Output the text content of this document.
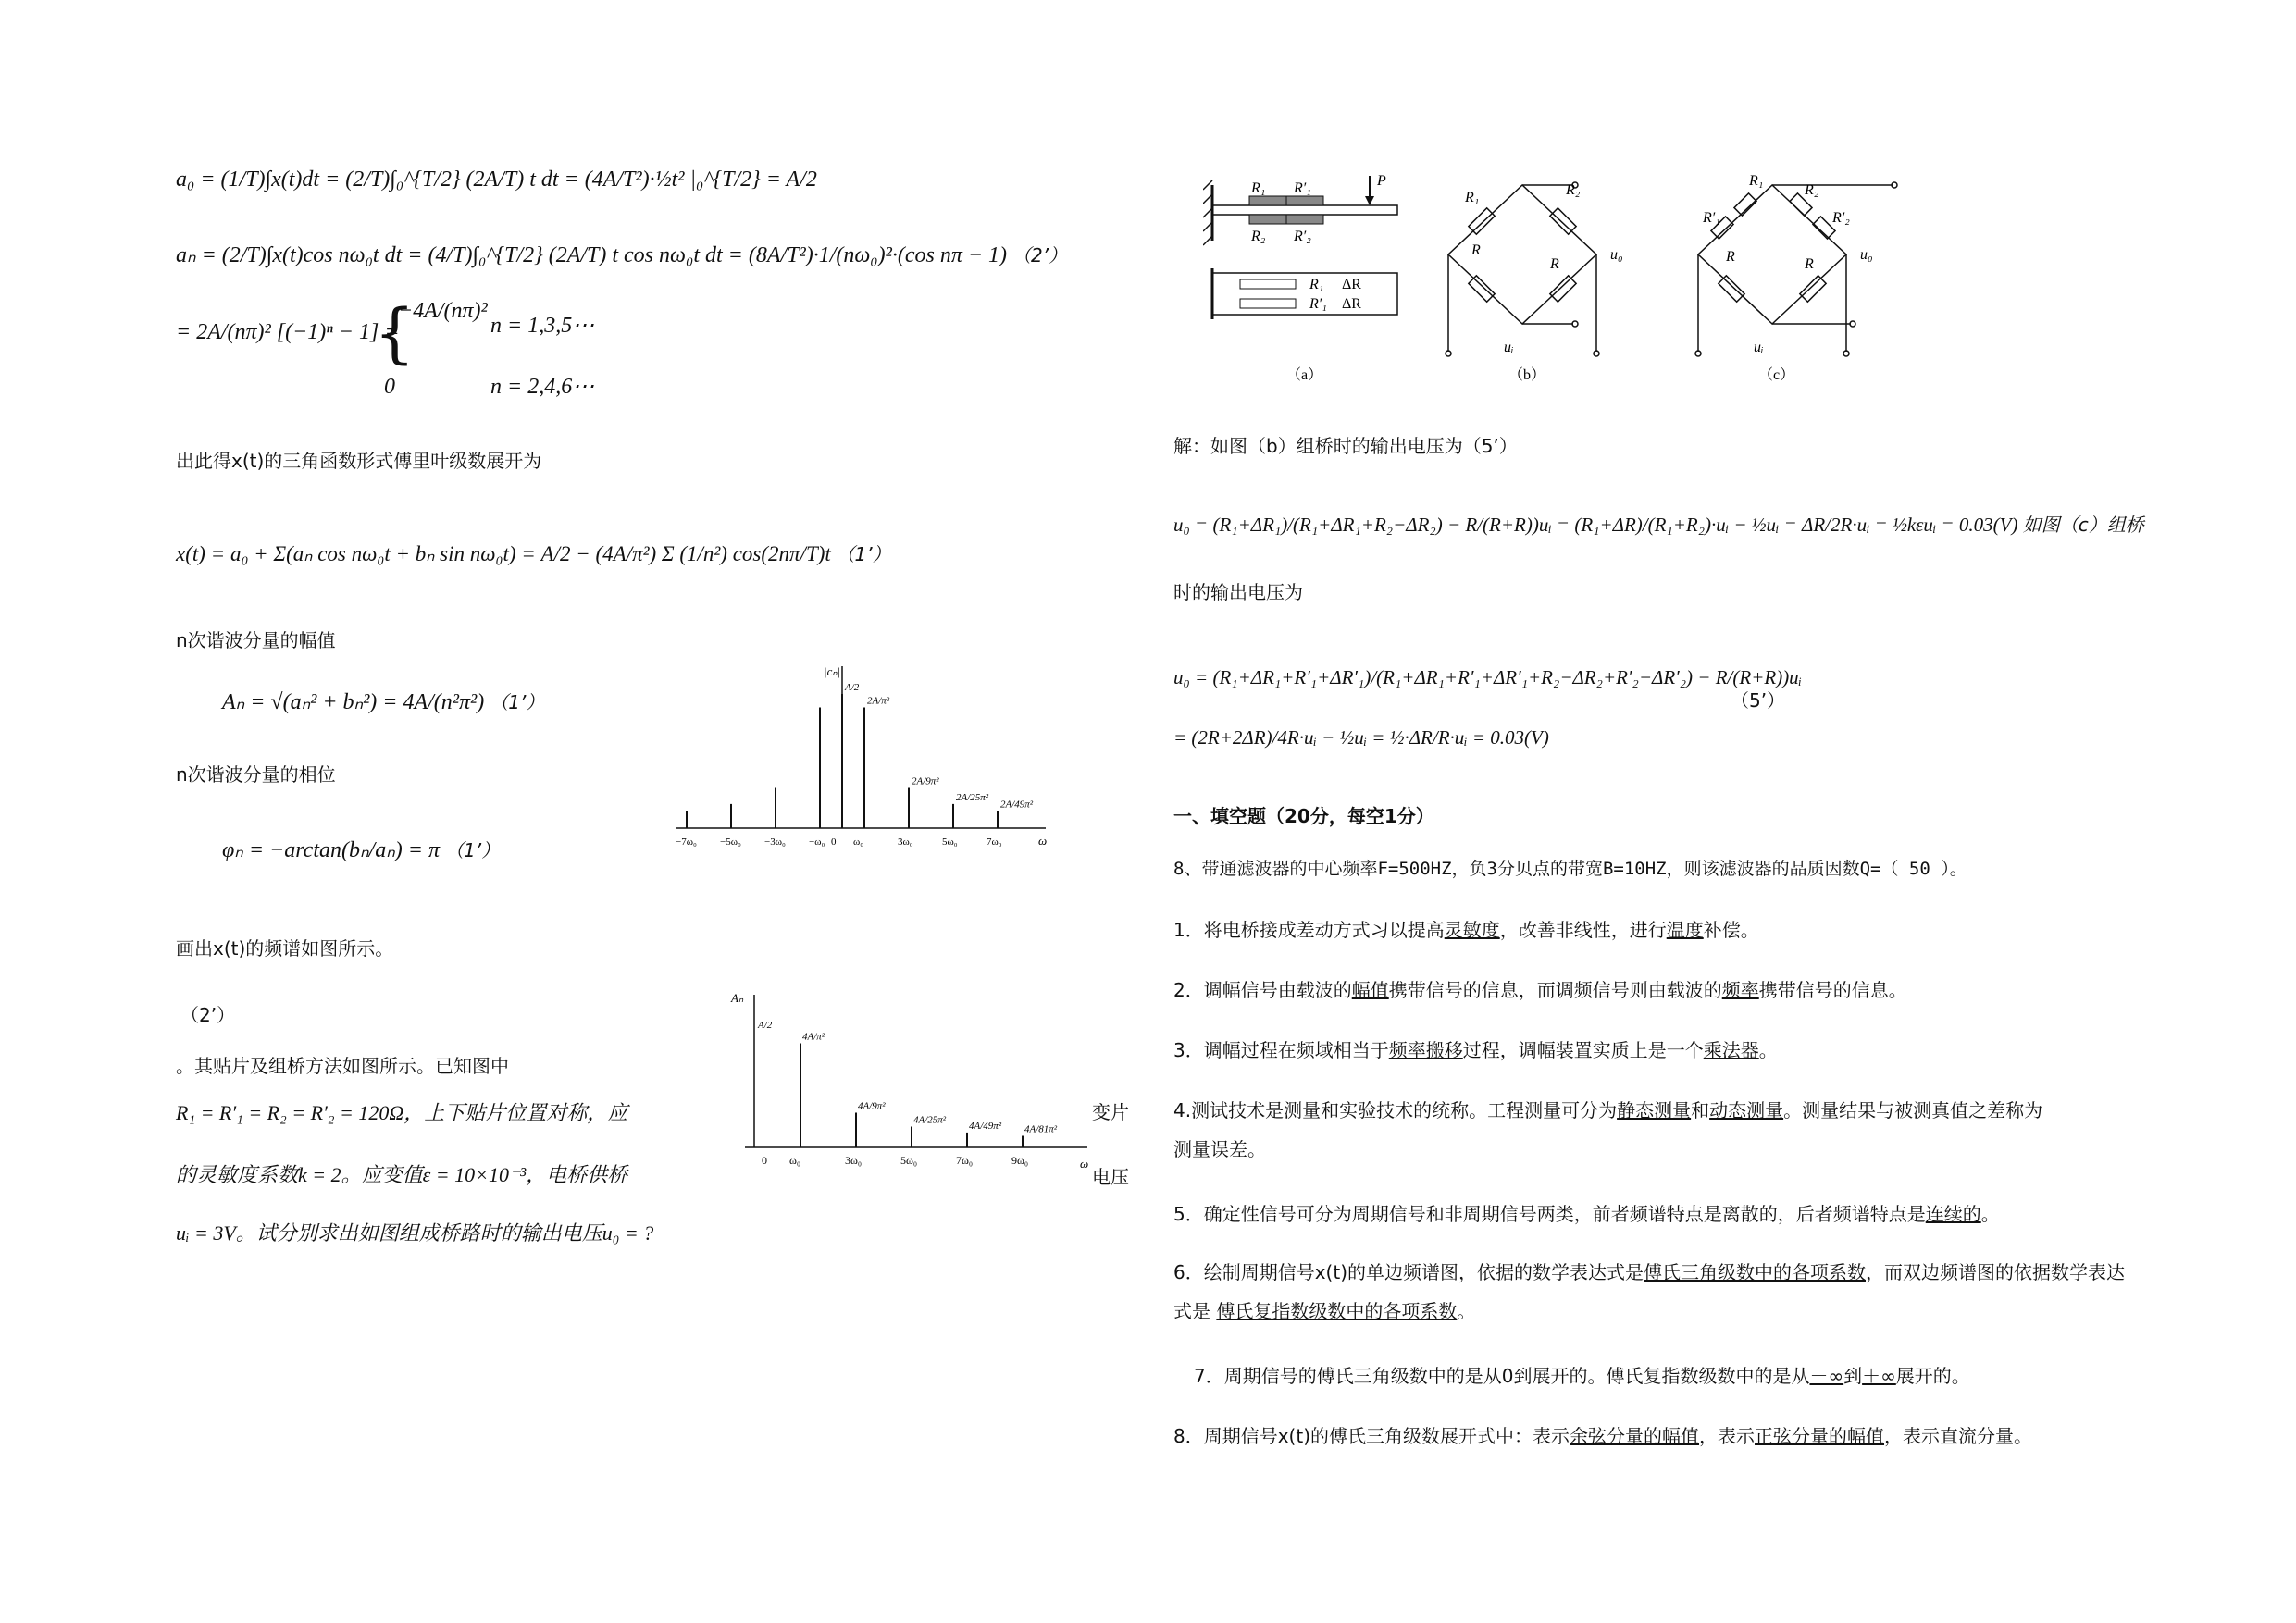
a₀ = (1/T)∫x(t)dt = (2/T)∫₀^{T/2} (2A/T) t dt = (4A/T²)·½t² |₀^{T/2} = A/2
aₙ = (2/T)∫x(t)cos nω₀t dt = (4/T)∫₀^{T/2} (2A/T) t cos nω₀t dt = (8A/T²)·1/(nω₀)²·(cos nπ − 1) （2’）
= 2A/(nπ)² [(−1)ⁿ − 1] =
{
−4A/(nπ)²
n = 1,3,5⋯
0	n = 2,4,6⋯
出此得x(t)的三角函数形式傅里叶级数展开为
x(t) = a₀ + Σ(aₙ cos nω₀t + bₙ sin nω₀t) = A/2 − (4A/π²) Σ (1/n²) cos(2nπ/T)t （1’）
n次谐波分量的幅值
Aₙ = √(aₙ² + bₙ²) = 4A/(n²π²) （1’）
n次谐波分量的相位
φₙ = −arctan(bₙ/aₙ) = π （1’）
画出x(t)的频谱如图所示。
（2’）
。其贴片及组桥方法如图所示。已知图中
R₁ = R′₁ = R₂ = R′₂ = 120Ω，上下贴片位置对称，应
的灵敏度系数k = 2。应变值ε = 10×10⁻³，电桥供桥
uᵢ = 3V。试分别求出如图组成桥路时的输出电压u₀ = ?
变片
电压
|cₙ|
ω
−7ω₀ −5ω₀ −3ω₀ −ω₀ 0 ω₀	3ω₀	5ω₀	7ω₀
A/2
2A/π²
2A/9π²
2A/25π²
2A/49π²
Aₙ
ω
0
A/2
ω₀
4A/π²
3ω₀
4A/9π²
5ω₀
4A/25π²
7ω₀
4A/49π²
9ω₀
4A/81π²
P
R₁ R′₁
R₂ R′₂
R₁ ΔR
R′₁ ΔR
（a）
R₁	R₂
R
R
u₀
uᵢ
（b）
R₁
R′₁
R₂
R′₂
R	R
u₀
uᵢ
（c）
解：如图（b）组桥时的输出电压为（5’）
u₀ = (R₁+ΔR₁)/(R₁+ΔR₁+R₂−ΔR₂) − R/(R+R))uᵢ = (R₁+ΔR)/(R₁+R₂)·uᵢ − ½uᵢ = ΔR/2R·uᵢ = ½kεuᵢ = 0.03(V) 如图（c）组桥
时的输出电压为
u₀ = (R₁+ΔR₁+R′₁+ΔR′₁)/(R₁+ΔR₁+R′₁+ΔR′₁+R₂−ΔR₂+R′₂−ΔR′₂) − R/(R+R))uᵢ
（5’）
= (2R+2ΔR)/4R·uᵢ − ½uᵢ = ½·ΔR/R·uᵢ = 0.03(V)
一、填空题（20分，每空1分）
8、带通滤波器的中心频率F=500HZ，负3分贝点的带宽B=10HZ，则该滤波器的品质因数Q=（ 50 ）。
1．将电桥接成差动方式习以提高灵敏度，改善非线性，进行温度补偿。
2．调幅信号由载波的幅值携带信号的信息，而调频信号则由载波的频率携带信号的信息。
3．调幅过程在频域相当于频率搬移过程，调幅装置实质上是一个乘法器。
4.测试技术是测量和实验技术的统称。工程测量可分为静态测量和动态测量。测量结果与被测真值之差称为
测量误差。
5．确定性信号可分为周期信号和非周期信号两类，前者频谱特点是离散的，后者频谱特点是连续的。
6．绘制周期信号x(t)的单边频谱图，依据的数学表达式是傅氏三角级数中的各项系数，而双边频谱图的依据数学表达
式是 傅氏复指数级数中的各项系数。
7．周期信号的傅氏三角级数中的是从0到展开的。傅氏复指数级数中的是从－∞到＋∞展开的。
8．周期信号x(t)的傅氏三角级数展开式中：表示余弦分量的幅值，表示正弦分量的幅值，表示直流分量。
